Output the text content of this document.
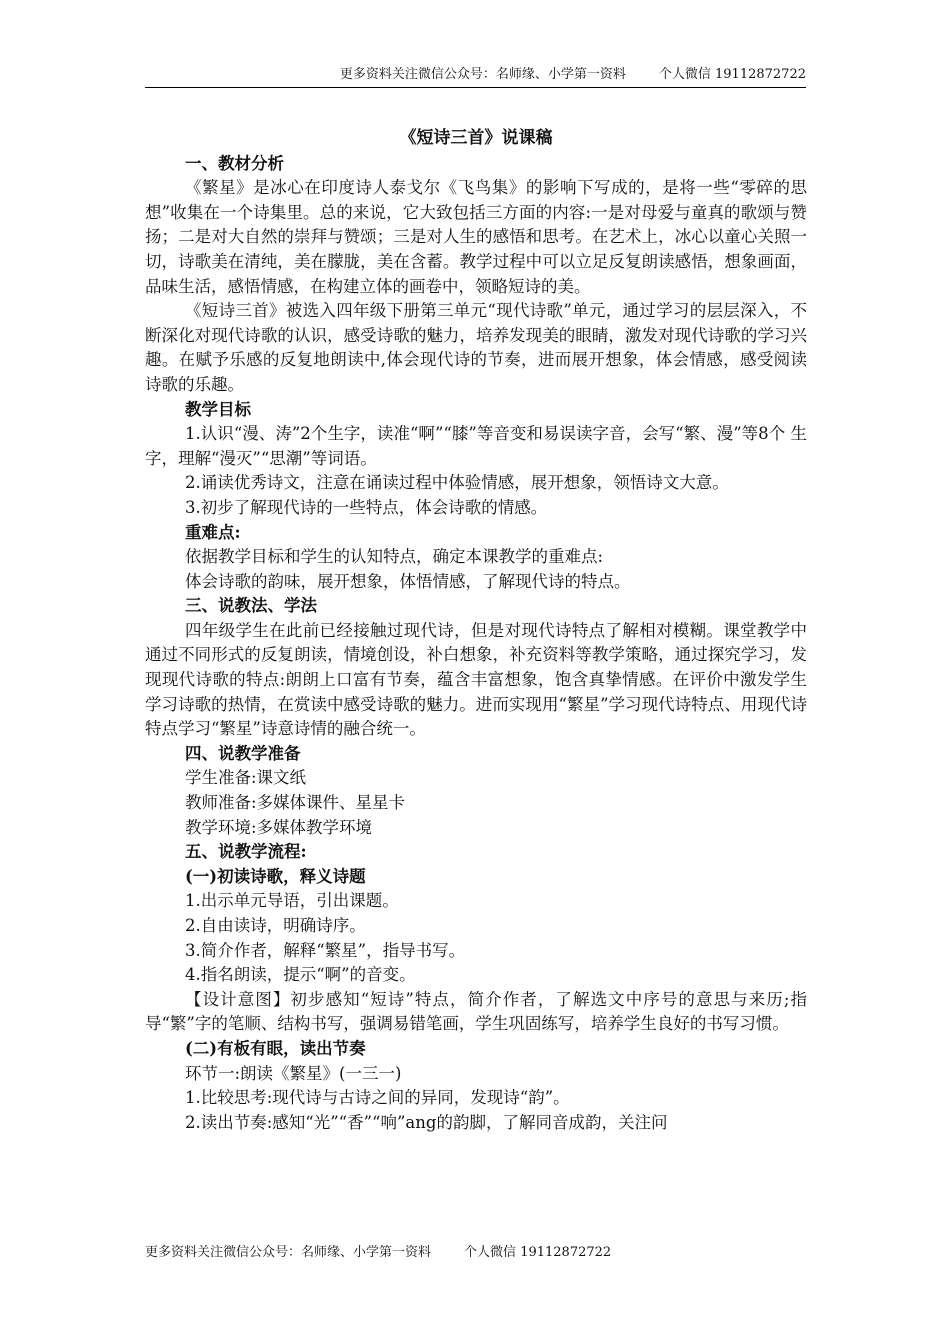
更多资料关注微信公众号：名师缘、小学第一资料        个人微信 19112872722

《短诗三首》说课稿

一、教材分析

《繁星》是冰心在印度诗人泰戈尔《飞鸟集》的影响下写成的，是将一些“零碎的思想”收集在一个诗集里。总的来说，它大致包括三方面的内容:一是对母爱与童真的歌颂与赞扬；二是对大自然的崇拜与赞颂；三是对人生的感悟和思考。在艺术上，冰心以童心关照一切，诗歌美在清纯，美在朦胧，美在含蓄。教学过程中可以立足反复朗读感悟，想象画面，品味生活，感悟情感，在构建立体的画卷中，领略短诗的美。

《短诗三首》被选入四年级下册第三单元“现代诗歌”单元，通过学习的层层深入，不断深化对现代诗歌的认识，感受诗歌的魅力，培养发现美的眼睛，激发对现代诗歌的学习兴趣。在赋予乐感的反复地朗读中,体会现代诗的节奏，进而展开想象，体会情感，感受阅读诗歌的乐趣。

教学目标

1.认识“漫、涛”2个生字，读准“啊”“膝”等音变和易误读字音，会写“繁、漫”等8个 生字，理解“漫灭”“思潮”等词语。

2.诵读优秀诗文，注意在诵读过程中体验情感，展开想象，领悟诗文大意。

3.初步了解现代诗的一些特点，体会诗歌的情感。

重难点:

依据教学目标和学生的认知特点，确定本课教学的重难点:

体会诗歌的韵味，展开想象，体悟情感，了解现代诗的特点。

三、说教法、学法

四年级学生在此前已经接触过现代诗，但是对现代诗特点了解相对模糊。课堂教学中通过不同形式的反复朗读，情境创设，补白想象，补充资料等教学策略，通过探究学习，发现现代诗歌的特点:朗朗上口富有节奏，蕴含丰富想象，饱含真挚情感。在评价中激发学生学习诗歌的热情，在赏读中感受诗歌的魅力。进而实现用“繁星”学习现代诗特点、用现代诗特点学习“繁星”诗意诗情的融合统一。

四、说教学准备

学生准备:课文纸

教师准备:多媒体课件、星星卡

教学环境:多媒体教学环境

五、说教学流程:

(一)初读诗歌，释义诗题

1.出示单元导语，引出课题。

2.自由读诗，明确诗序。

3.简介作者，解释“繁星”，指导书写。

4.指名朗读，提示“啊”的音变。

【设计意图】初步感知“短诗”特点，简介作者，了解选文中序号的意思与来历;指导“繁”字的笔顺、结构书写，强调易错笔画，学生巩固练写，培养学生良好的书写习惯。

(二)有板有眼，读出节奏

环节一:朗读《繁星》(一三一)

1.比较思考:现代诗与古诗之间的异同，发现诗“韵”。

2.读出节奏:感知“光”“香”“响”ang的韵脚，了解同音成韵，关注问

更多资料关注微信公众号：名师缘、小学第一资料        个人微信 19112872722
